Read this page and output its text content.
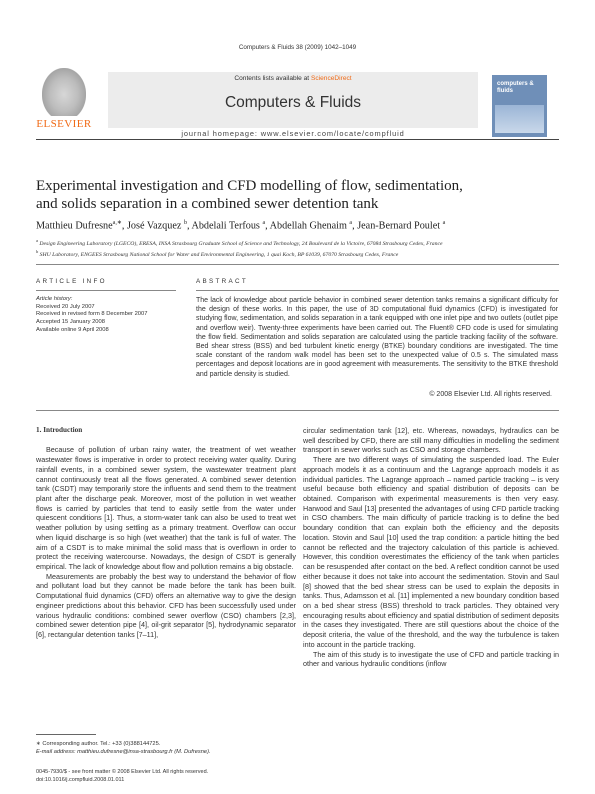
Computers & Fluids 38 (2009) 1042–1049
ELSEVIER
Contents lists available at ScienceDirect
Computers & Fluids
journal homepage: www.elsevier.com/locate/compfluid
computers & fluids
Experimental investigation and CFD modelling of flow, sedimentation,
and solids separation in a combined sewer detention tank
Matthieu Dufresne$^{a,∗}$, José Vazquez $^b$, Abdelali Terfous $^a$, Abdellah Ghenaim $^a$, Jean-Bernard Poulet $^a$
$^a$ Design Engineering Laboratory (LGECO), ERESA, INSA Strasbourg Graduate School of Science and Technology, 24 Boulevard de la Victoire, 67084 Strasbourg Cedex, France
$^b$ SHU Laboratory, ENGEES Strasbourg National School for Water and Environmental Engineering, 1 quai Koch, BP 61039, 67070 Strasbourg Cedex, France
ARTICLE INFO	ABSTRACT
Article history:
Received 20 July 2007
Received in revised form 8 December 2007
Accepted 15 January 2008
Available online 9 April 2008
The lack of knowledge about particle behavior in combined sewer detention tanks remains a significant difficulty for the design of these works. In this paper, the use of 3D computational fluid dynamics (CFD) is investigated for studying flow, sedimentation, and solids separation in a tank equipped with one inlet pipe and two outlets (outlet pipe and overflow weir). Twenty-three experiments have been carried out. The Fluent® CFD code is used for simulating the flow field. Sedimentation and solids separation are calculated using the particle tracking facility of the software. Bed shear stress (BSS) and bed turbulent kinetic energy (BTKE) boundary conditions are investigated. The time scale constant of the random walk model has been set to the unexpected value of 0.5 s. The simulated mass percentages and deposit locations are in good agreement with measurements. The sensitivity to the BTKE threshold and particle density is studied.
© 2008 Elsevier Ltd. All rights reserved.

1. Introduction

Because of pollution of urban rainy water, the treatment of wet weather wastewater flows is imperative in order to protect receiving water quality. During rainfall events, in a combined sewer system, the wastewater treatment plant cannot continuously treat all the flows generated. A combined sewer detention tank (CSDT) may temporarily store the influents and send them to the treatment plant after the discharge peak. Moreover, most of the pollution in wet weather flows is carried by particles that tend to easily settle from the water under quiescent conditions [1]. Thus, a storm-water tank can also be used to treat wet weather pollution by using settling as a primary treatment. Overflow can occur when liquid discharge is so high (wet weather) that the tank is full of water. The aim of a CSDT is to make minimal the solid mass that is overflown in order to protect the receiving watercourse. Nowadays, the design of CSDT is generally empirical. The lack of knowledge about flow and pollution remains a big obstacle.

Measurements are probably the best way to understand the behavior of flow and pollutant load but they cannot be made before the tank has been built. Computational fluid dynamics (CFD) offers an alternative way to give the design engineer predictions about this behavior. CFD has been successfully used under various hydraulic conditions: combined sewer overflow (CSO) chambers [2,3], combined sewer detention pipe [4], oil-grit separator [5], hydrodynamic separator [6], rectangular detention tanks [7–11],

circular sedimentation tank [12], etc. Whereas, nowadays, hydraulics can be well described by CFD, there are still many difficulties in modelling the sediment transport in sewer works such as CSO and storage chambers.

There are two different ways of simulating the suspended load. The Euler approach models it as a continuum and the Lagrange approach models it as individual particles. The Lagrange approach – named particle tracking – is very useful because both efficiency and spatial distribution of deposits can be obtained. Comparison with experimental measurements is then very easy. Harwood and Saul [13] presented the advantages of using CFD particle tracking in CSO chambers. The main difficulty of particle tracking is to define the bed boundary condition that can explain both the efficiency and the deposits location. Stovin and Saul [10] used the trap condition: a particle hitting the bed cannot be reflected and the trajectory calculation of this particle is achieved. However, this condition overestimates the efficiency of the tank when particles can be resuspended after contact on the bed. A reflect condition cannot be used either because it does not take into account the sedimentation. Stovin and Saul [8] showed that the bed shear stress can be used to explain the deposits in tanks. Thus, Adamsson et al. [11] implemented a new boundary condition based on a bed shear stress (BSS) threshold to track particles. They obtained very encouraging results about efficiency and spatial distribution of sediment deposits in the cases they investigated. There are still questions about the choice of the deposit criteria, the value of the threshold, and the way the turbulence is taken into account in the particle tracking.

The aim of this study is to investigate the use of CFD and particle tracking in other and various hydraulic conditions (inflow

∗ Corresponding author. Tel.: +33 (0)388144725.
E-mail address: matthieu.dufresne@insa-strasbourg.fr (M. Dufresne).
0045-7930/$ - see front matter © 2008 Elsevier Ltd. All rights reserved.
doi:10.1016/j.compfluid.2008.01.011
